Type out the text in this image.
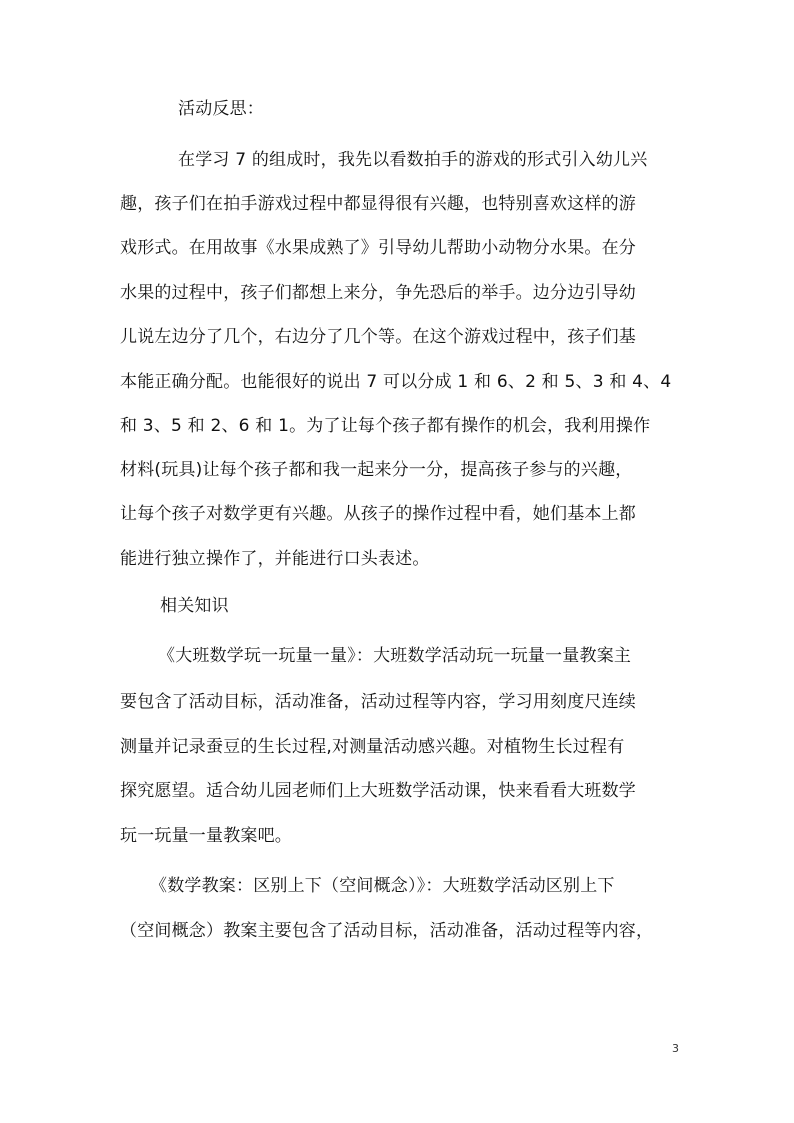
活动反思：
在学习 7 的组成时，我先以看数拍手的游戏的形式引入幼儿兴
趣，孩子们在拍手游戏过程中都显得很有兴趣，也特别喜欢这样的游
戏形式。在用故事《水果成熟了》引导幼儿帮助小动物分水果。在分
水果的过程中，孩子们都想上来分，争先恐后的举手。边分边引导幼
儿说左边分了几个，右边分了几个等。在这个游戏过程中，孩子们基
本能正确分配。也能很好的说出 7 可以分成 1 和 6、2 和 5、3 和 4、4
和 3、5 和 2、6 和 1。为了让每个孩子都有操作的机会，我利用操作
材料(玩具)让每个孩子都和我一起来分一分，提高孩子参与的兴趣，
让每个孩子对数学更有兴趣。从孩子的操作过程中看，她们基本上都
能进行独立操作了，并能进行口头表述。
相关知识
《大班数学玩一玩量一量》：大班数学活动玩一玩量一量教案主
要包含了活动目标，活动准备，活动过程等内容，学习用刻度尺连续
测量并记录蚕豆的生长过程,对测量活动感兴趣。对植物生长过程有
探究愿望。适合幼儿园老师们上大班数学活动课，快来看看大班数学
玩一玩量一量教案吧。
《数学教案：区别上下（空间概念）》：大班数学活动区别上下
（空间概念）教案主要包含了活动目标，活动准备，活动过程等内容，
3
